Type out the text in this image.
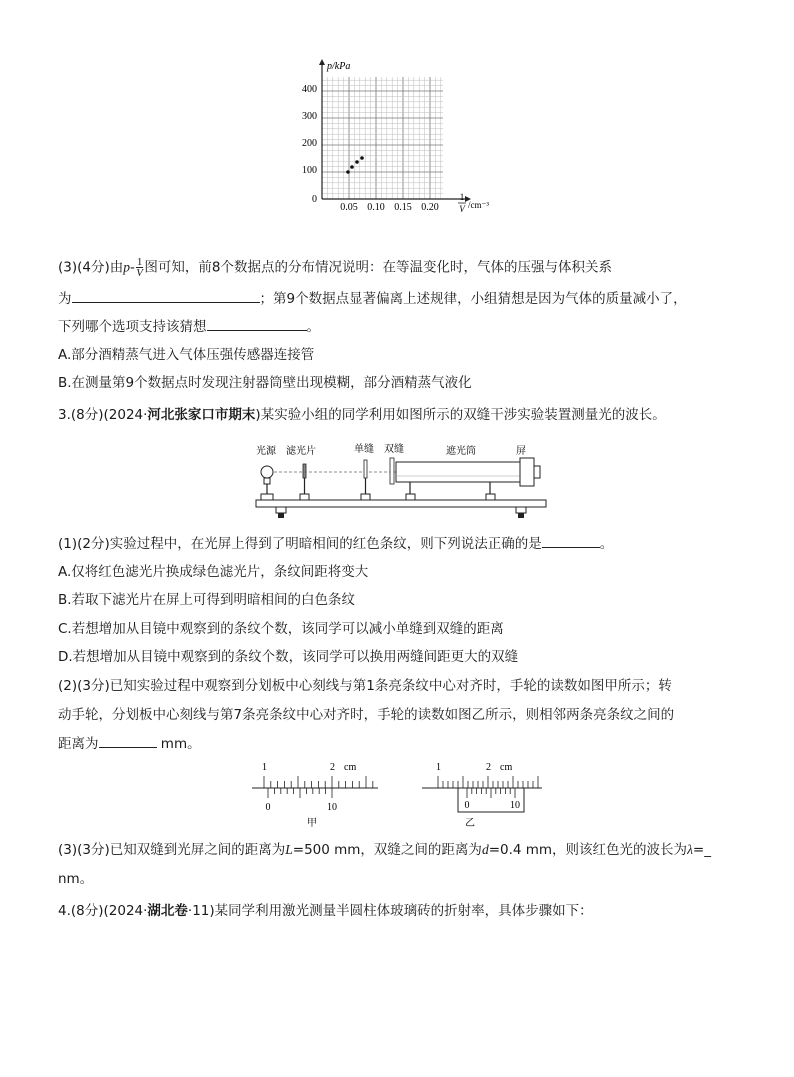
p/kPa
400
300
200
100
0
0.05 0.10 0.15 0.20
1
V /cm⁻³
(3)(4分)由$p- \frac{1}{V}$ 图可知，前8个数据点的分布情况说明：在等温变化时，气体的压强与体积关系
为	；第9个数据点显著偏离上述规律，小组猜想是因为气体的质量减小了，
下列哪个选项支持该猜想	。
A.部分酒精蒸气进入气体压强传感器连接管
B.在测量第9个数据点时发现注射器筒壁出现模糊，部分酒精蒸气液化
3.(8分)(2024·河北张家口市期末)某实验小组的同学利用如图所示的双缝干涉实验装置测量光的波长。
光源 滤光片	单缝 双缝	遮光筒	屏
(1)(2分)实验过程中，在光屏上得到了明暗相间的红色条纹，则下列说法正确的是	。
A.仅将红色滤光片换成绿色滤光片，条纹间距将变大
B.若取下滤光片在屏上可得到明暗相间的白色条纹
C.若想增加从目镜中观察到的条纹个数，该同学可以减小单缝到双缝的距离
D.若想增加从目镜中观察到的条纹个数，该同学可以换用两缝间距更大的双缝
(2)(3分)已知实验过程中观察到分划板中心刻线与第1条亮条纹中心对齐时，手轮的读数如图甲所示；转
动手轮，分划板中心刻线与第7条亮条纹中心对齐时，手轮的读数如图乙所示，则相邻两条亮条纹之间的
距离为	mm。
1	2 cm
0	10
甲
1	2 cm
0	10
乙
(3)(3分)已知双缝到光屏之间的距离为L=500 mm，双缝之间的距离为d=0.4 mm，则该红色光的波长为λ=_
nm。
4.(8分)(2024·湖北卷·11)某同学利用激光测量半圆柱体玻璃砖的折射率，具体步骤如下：
